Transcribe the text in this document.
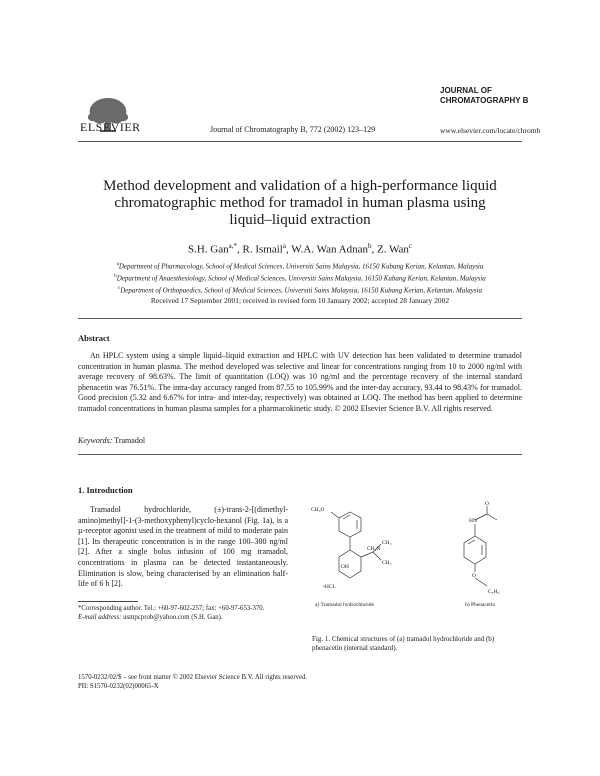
ELSEVIER	Journal of Chromatography B, 772 (2002) 123–129
JOURNAL OF
CHROMATOGRAPHY B
www.elsevier.com/locate/chromb
Method development and validation of a high-performance liquid
chromatographic method for tramadol in human plasma using
liquid–liquid extraction
S.H. Gan$^{a,*}$, R. Ismail$^a$, W.A. Wan Adnan$^b$, Z. Wan$^c$
$^a$Department of Pharmacology, School of Medical Sciences, Universiti Sains Malaysia, 16150 Kubang Kerian, Kelantan, Malaysia
$^b$Department of Anaesthesiology, School of Medical Sciences, Universiti Sains Malaysia, 16150 Kubang Kerian, Kelantan, Malaysia
$^c$Department of Orthopaedics, School of Medical Sciences, Universiti Sains Malaysia, 16150 Kubang Kerian, Kelantan, Malaysia
Received 17 September 2001; received in revised form 10 January 2002; accepted 28 January 2002
Abstract
An HPLC system using a simple liquid–liquid extraction and HPLC with UV detection has been validated to determine tramadol concentration in human plasma. The method developed was selective and linear for concentrations ranging from 10 to 2000 ng/ml with average recovery of 98.63%. The limit of quantitation (LOQ) was 10 ng/ml and the percentage recovery of the internal standard phenacetin was 76.51%. The intra-day accuracy ranged from 87.55 to 105.99% and the inter-day accuracy, 93.44 to 98.43% for tramadol. Good precision (5.32 and 6.67% for intra- and inter-day, respectively) was obtained at LOQ. The method has been applied to determine tramadol concentrations in human plasma samples for a pharmacokinetic study. © 2002 Elsevier Science B.V. All rights reserved.
Keywords: Tramadol
1. Introduction
Tramadol hydrochloride, (±)-trans-2-[(dimethyl-amino)methyl]-1-(3-methoxyphenyl)cyclo-hexanol (Fig. 1a), is a µ-receptor agonist used in the treatment of mild to moderate pain [1]. Its therapeutic concentration is in the range 100–300 ng/ml [2]. After a single bolus infusion of 100 mg tramadol, concentrations in plasma can be detected instantaneously. Elimination is slow, being characterised by an elimination half-life of 6 h [2].
*Corresponding author. Tel.: +60-97-602-257; fax: +60-97-653-370.
E-mail address: usmpcprob@yahoo.com (S.H. Gan).
CH₃O
CH₃
CH₂N
CH₃
OH
•HCL
HN
O
O
C₂H₅
a) Tramadol hydrochloride	b) Phenacetin
Fig. 1. Chemical structures of (a) tramadol hydrochloride and (b) phenacetin (internal standard).
1570-0232/02/$ – see front matter © 2002 Elsevier Science B.V. All rights reserved.
PII: S1570-0232(02)00065-X
